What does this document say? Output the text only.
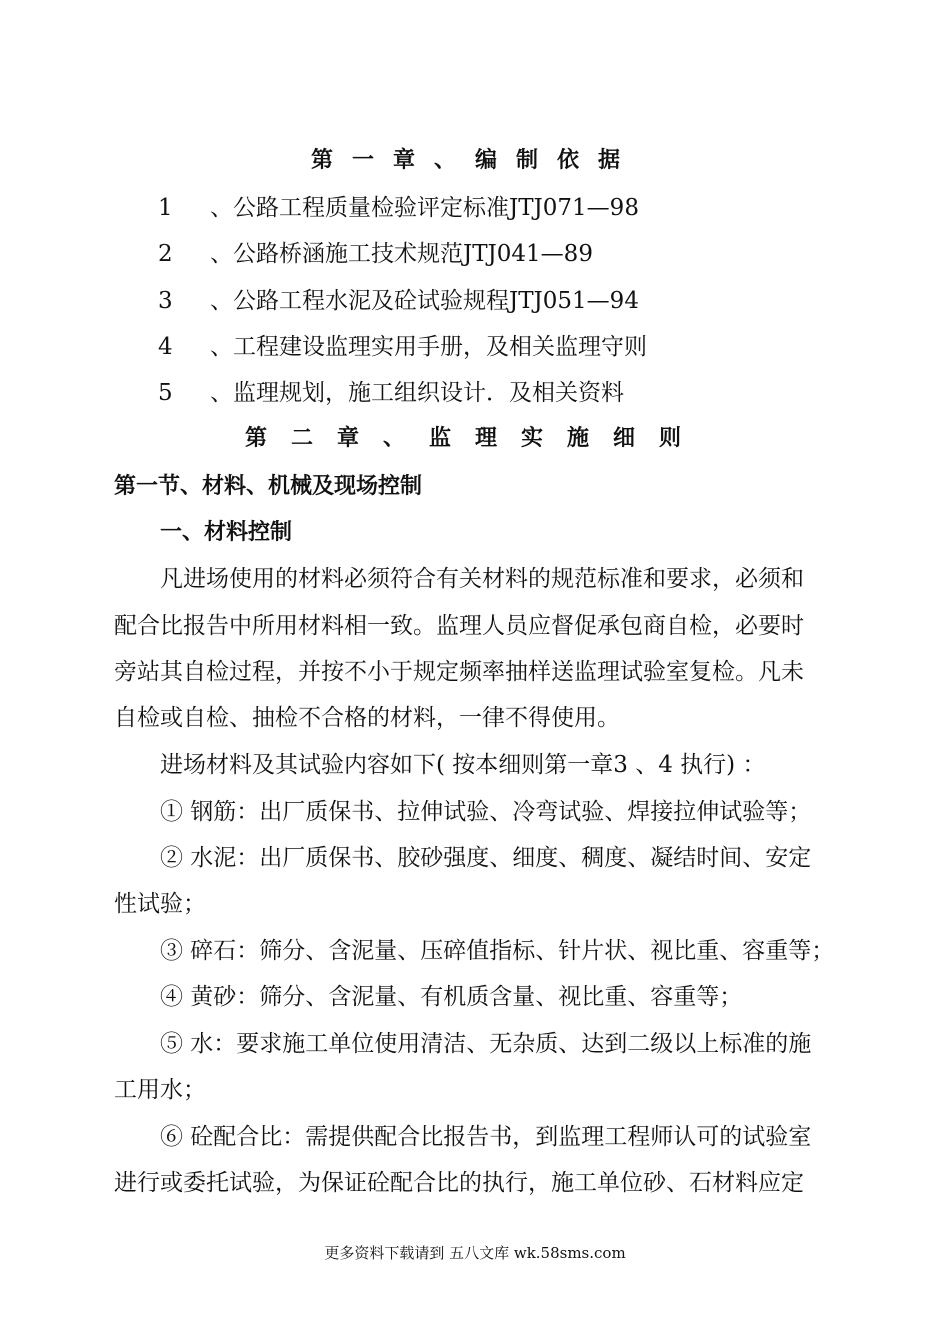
第一章、编制依据
1 、公路工程质量检验评定标准JTJ071—98
2 、公路桥涵施工技术规范JTJ041—89
3 、公路工程水泥及砼试验规程JTJ051—94
4 、工程建设监理实用手册，及相关监理守则
5 、监理规划，施工组织设计．及相关资料
第二章、监理实施细则
第一节、材料、机械及现场控制
一、材料控制
凡进场使用的材料必须符合有关材料的规范标准和要求，必须和
配合比报告中所用材料相一致。监理人员应督促承包商自检，必要时
旁站其自检过程，并按不小于规定频率抽样送监理试验室复检。凡未
自检或自检、抽检不合格的材料，一律不得使用。
进场材料及其试验内容如下( 按本细则第一章3 、4 执行) ：
① 钢筋：出厂质保书、拉伸试验、冷弯试验、焊接拉伸试验等；
② 水泥：出厂质保书、胶砂强度、细度、稠度、凝结时间、安定
性试验；
③ 碎石：筛分、含泥量、压碎值指标、针片状、视比重、容重等；
④ 黄砂：筛分、含泥量、有机质含量、视比重、容重等；
⑤ 水：要求施工单位使用清洁、无杂质、达到二级以上标准的施
工用水；
⑥ 砼配合比：需提供配合比报告书，到监理工程师认可的试验室
进行或委托试验，为保证砼配合比的执行，施工单位砂、石材料应定
更多资料下载请到 五八文库 wk.58sms.com
